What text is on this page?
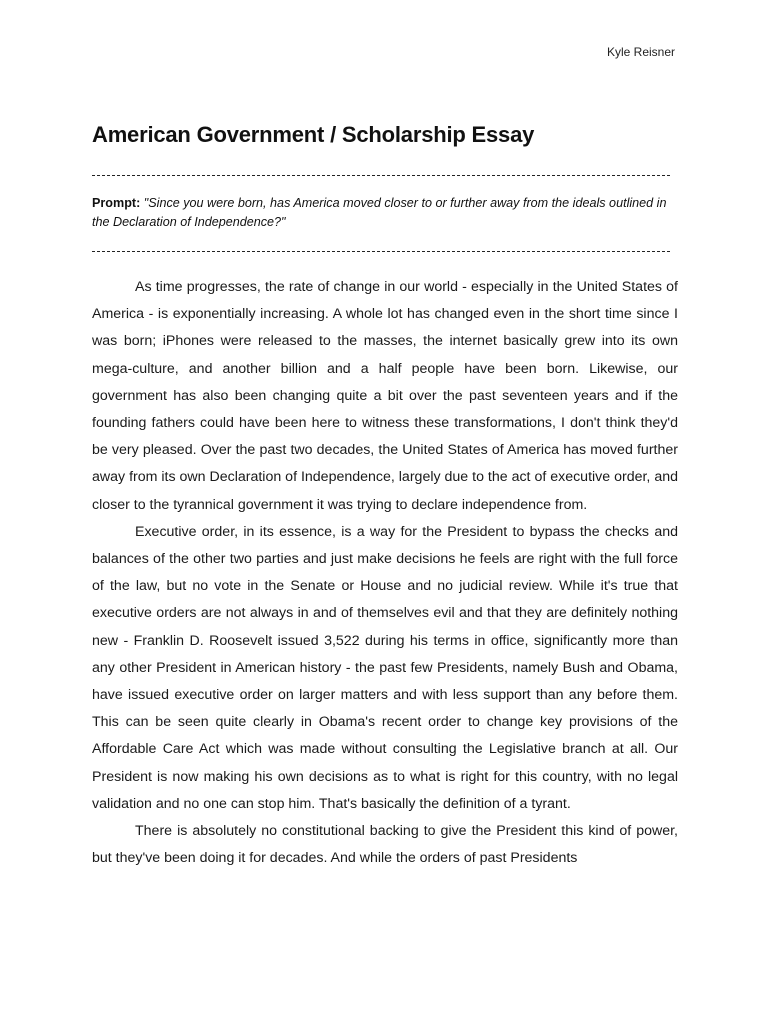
Kyle Reisner
American Government / Scholarship Essay

Prompt: "Since you were born, has America moved closer to or further away from the ideals outlined in the Declaration of Independence?"

As time progresses, the rate of change in our world - especially in the United States of America - is exponentially increasing. A whole lot has changed even in the short time since I was born; iPhones were released to the masses, the internet basically grew into its own mega-culture, and another billion and a half people have been born. Likewise, our government has also been changing quite a bit over the past seventeen years and if the founding fathers could have been here to witness these transformations, I don't think they'd be very pleased. Over the past two decades, the United States of America has moved further away from its own Declaration of Independence, largely due to the act of executive order, and closer to the tyrannical government it was trying to declare independence from.

Executive order, in its essence, is a way for the President to bypass the checks and balances of the other two parties and just make decisions he feels are right with the full force of the law, but no vote in the Senate or House and no judicial review. While it's true that executive orders are not always in and of themselves evil and that they are definitely nothing new - Franklin D. Roosevelt issued 3,522 during his terms in office, significantly more than any other President in American history - the past few Presidents, namely Bush and Obama, have issued executive order on larger matters and with less support than any before them. This can be seen quite clearly in Obama's recent order to change key provisions of the Affordable Care Act which was made without consulting the Legislative branch at all. Our President is now making his own decisions as to what is right for this country, with no legal validation and no one can stop him. That's basically the definition of a tyrant.

There is absolutely no constitutional backing to give the President this kind of power, but they've been doing it for decades. And while the orders of past Presidents
